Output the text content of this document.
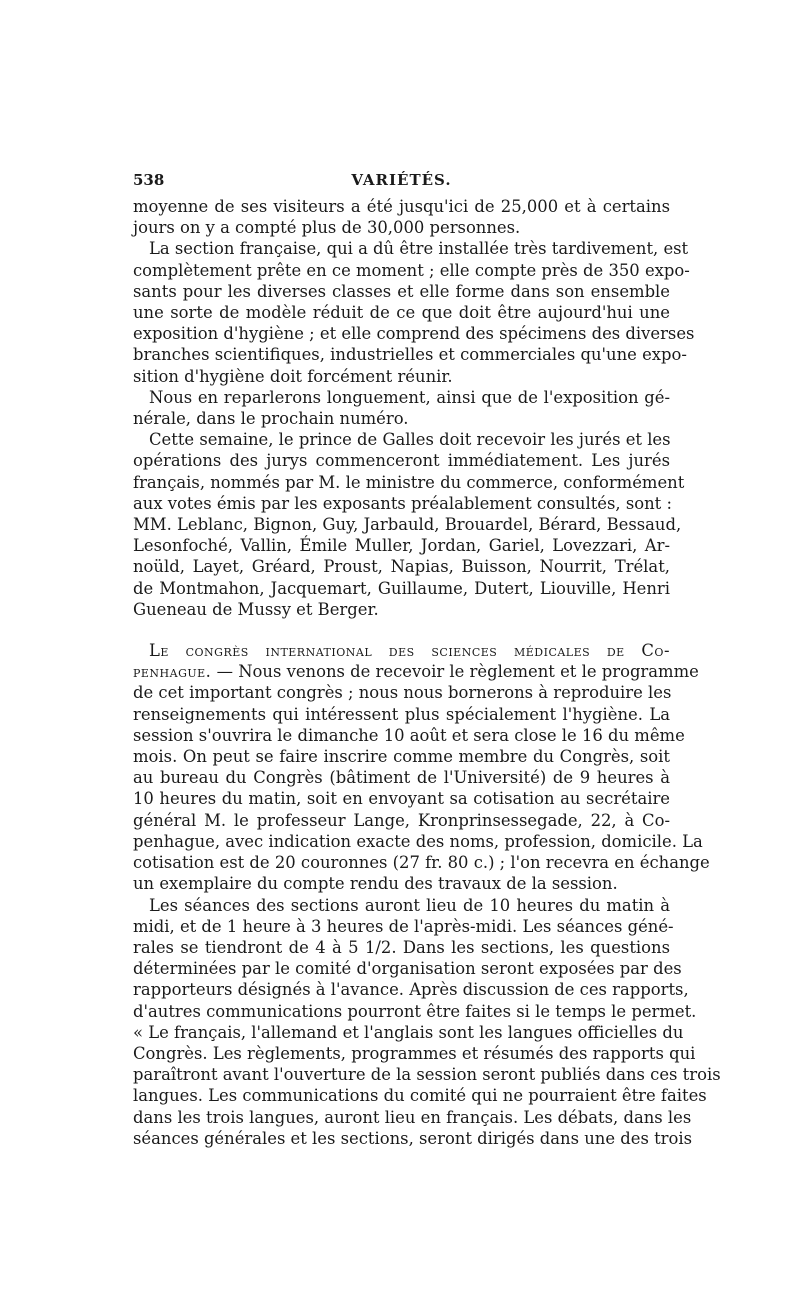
538	VARIÉTÉS.
moyenne de ses visiteurs a été jusqu'ici de 25,000 et à certains
jours on y a compté plus de 30,000 personnes.
La section française, qui a dû être installée très tardivement, est
complètement prête en ce moment ; elle compte près de 350 expo-
sants pour les diverses classes et elle forme dans son ensemble
une sorte de modèle réduit de ce que doit être aujourd'hui une
exposition d'hygiène ; et elle comprend des spécimens des diverses
branches scientifiques, industrielles et commerciales qu'une expo-
sition d'hygiène doit forcément réunir.
Nous en reparlerons longuement, ainsi que de l'exposition gé-
nérale, dans le prochain numéro.
Cette semaine, le prince de Galles doit recevoir les jurés et les
opérations des jurys commenceront immédiatement. Les jurés
français, nommés par M. le ministre du commerce, conformément
aux votes émis par les exposants préalablement consultés, sont :
MM. Leblanc, Bignon, Guy, Jarbauld, Brouardel, Bérard, Bessaud,
Lesonfoché, Vallin, Émile Muller, Jordan, Gariel, Lovezzari, Ar-
noüld, Layet, Gréard, Proust, Napias, Buisson, Nourrit, Trélat,
de Montmahon, Jacquemart, Guillaume, Dutert, Liouville, Henri
Gueneau de Mussy et Berger.
Le congrès international des sciences médicales de Co-
penhague. — Nous venons de recevoir le règlement et le programme
de cet important congrès ; nous nous bornerons à reproduire les
renseignements qui intéressent plus spécialement l'hygiène. La
session s'ouvrira le dimanche 10 août et sera close le 16 du même
mois. On peut se faire inscrire comme membre du Congrès, soit
au bureau du Congrès (bâtiment de l'Université) de 9 heures à
10 heures du matin, soit en envoyant sa cotisation au secrétaire
général M. le professeur Lange, Kronprinsessegade, 22, à Co-
penhague, avec indication exacte des noms, profession, domicile. La
cotisation est de 20 couronnes (27 fr. 80 c.) ; l'on recevra en échange
un exemplaire du compte rendu des travaux de la session.
Les séances des sections auront lieu de 10 heures du matin à
midi, et de 1 heure à 3 heures de l'après-midi. Les séances géné-
rales se tiendront de 4 à 5 1/2. Dans les sections, les questions
déterminées par le comité d'organisation seront exposées par des
rapporteurs désignés à l'avance. Après discussion de ces rapports,
d'autres communications pourront être faites si le temps le permet.
« Le français, l'allemand et l'anglais sont les langues officielles du
Congrès. Les règlements, programmes et résumés des rapports qui
paraîtront avant l'ouverture de la session seront publiés dans ces trois
langues. Les communications du comité qui ne pourraient être faites
dans les trois langues, auront lieu en français. Les débats, dans les
séances générales et les sections, seront dirigés dans une des trois
